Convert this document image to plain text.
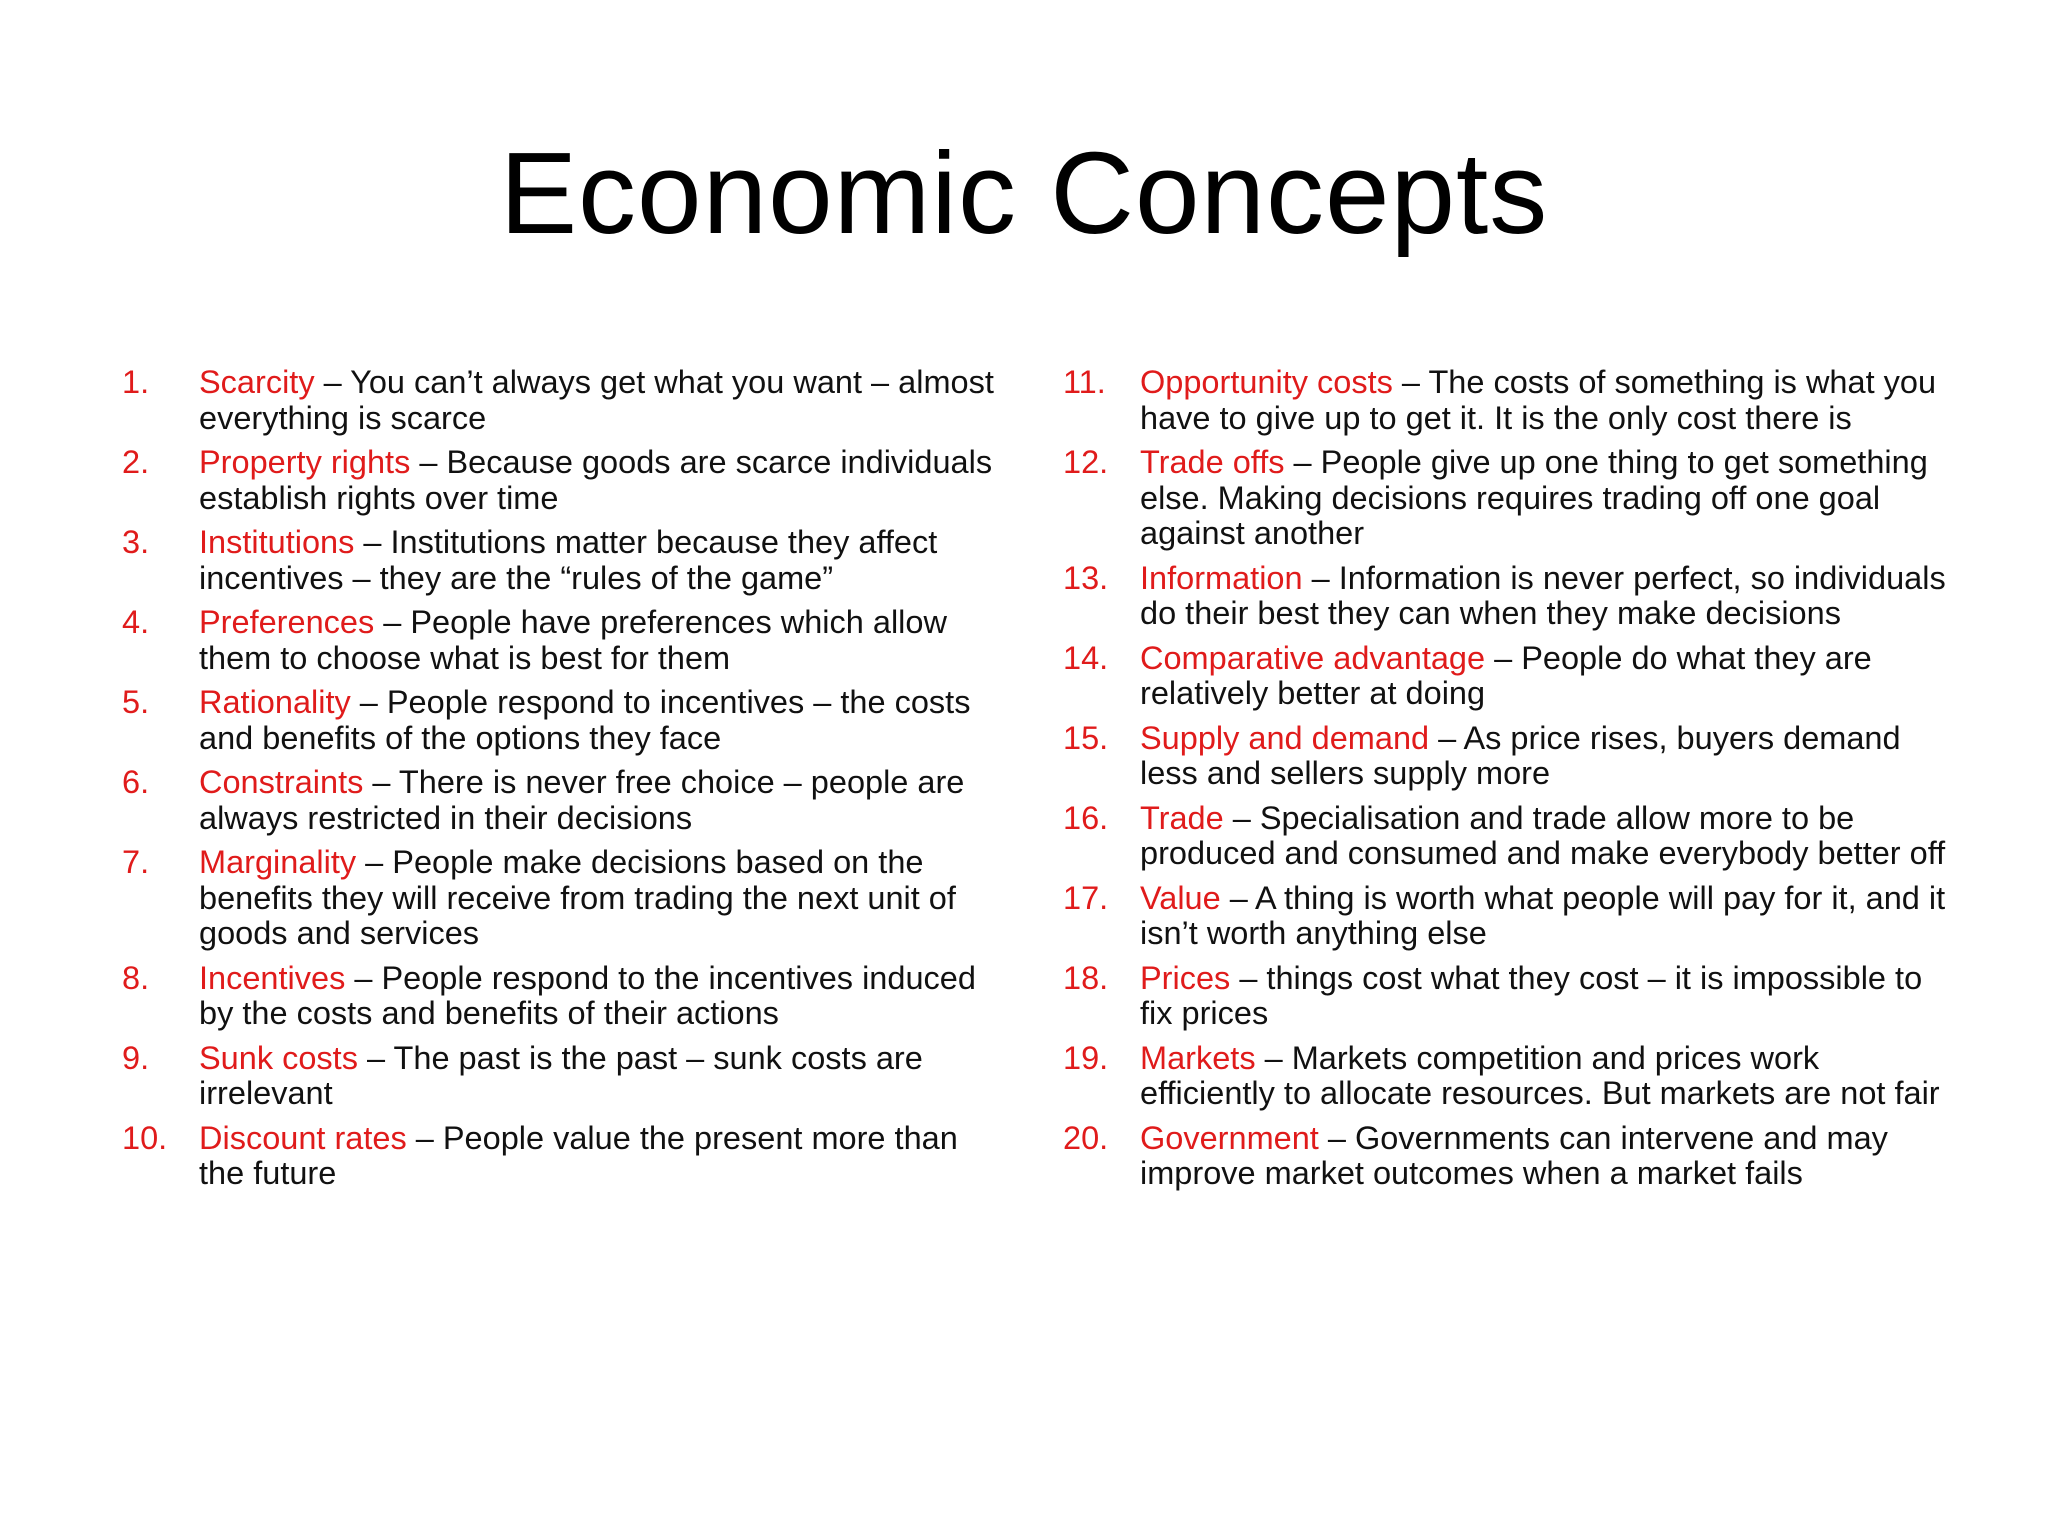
Economic Concepts
1. Scarcity – You can’t always get what you want – almost everything is scarce
2. Property rights – Because goods are scarce individuals establish rights over time
3. Institutions – Institutions matter because they affect incentives – they are the “rules of the game”
4. Preferences – People have preferences which allow them to choose what is best for them
5. Rationality – People respond to incentives – the costs and benefits of the options they face
6. Constraints – There is never free choice – people are always restricted in their decisions
7. Marginality – People make decisions based on the benefits they will receive from trading the next unit of goods and services
8. Incentives – People respond to the incentives induced by the costs and benefits of their actions
9. Sunk costs – The past is the past – sunk costs are irrelevant
10. Discount rates – People value the present more than the future
11. Opportunity costs – The costs of something is what you have to give up to get it. It is the only cost there is
12. Trade offs – People give up one thing to get something else. Making decisions requires trading off one goal against another
13. Information – Information is never perfect, so individuals do their best they can when they make decisions
14. Comparative advantage – People do what they are relatively better at doing
15. Supply and demand – As price rises, buyers demand less and sellers supply more
16. Trade – Specialisation and trade allow more to be produced and consumed and make everybody better off
17. Value – A thing is worth what people will pay for it, and it isn’t worth anything else
18. Prices – things cost what they cost – it is impossible to fix prices
19. Markets – Markets competition and prices work efficiently to allocate resources. But markets are not fair
20. Government – Governments can intervene and may improve market outcomes when a market fails
